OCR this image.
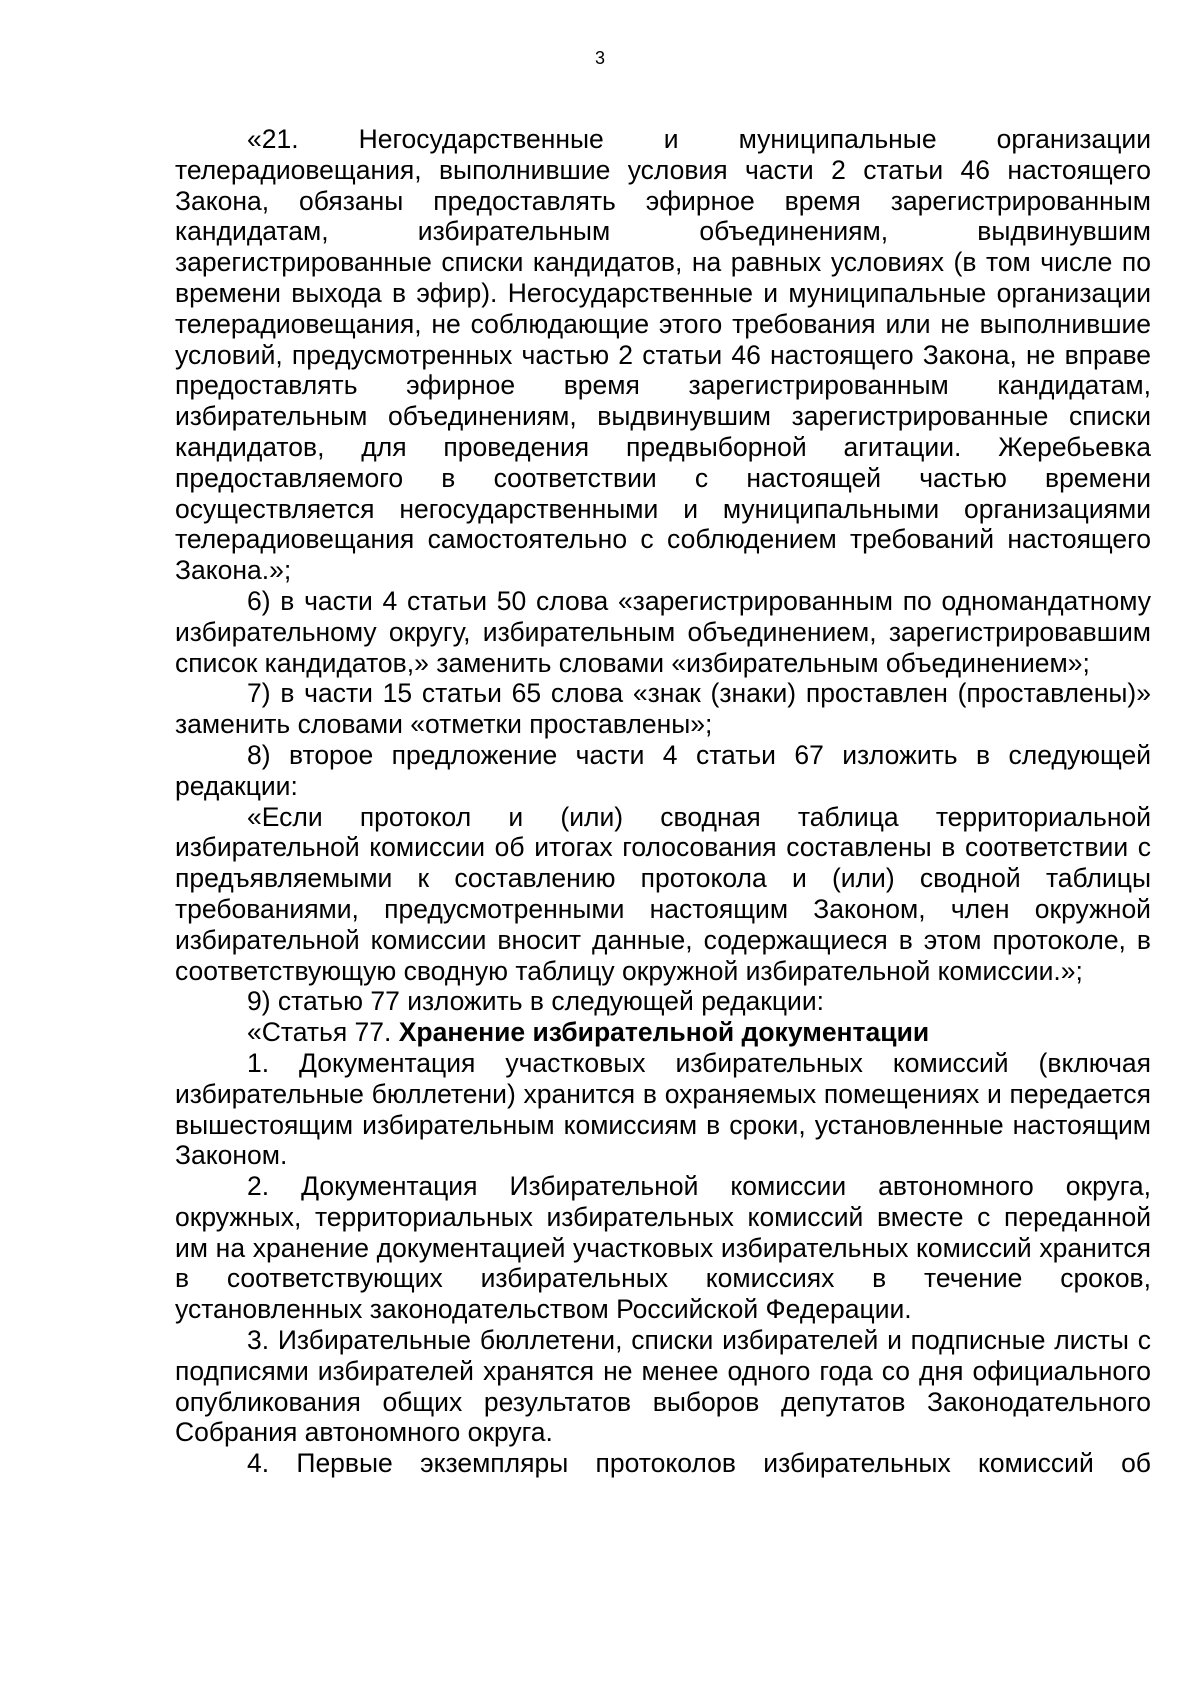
3

«21. Негосударственные и муниципальные организации телерадиовещания, выполнившие условия части 2 статьи 46 настоящего Закона, обязаны предоставлять эфирное время зарегистрированным кандидатам, избирательным объединениям, выдвинувшим зарегистрированные списки кандидатов, на равных условиях (в том числе по времени выхода в эфир). Негосударственные и муниципальные организации телерадиовещания, не соблюдающие этого требования или не выполнившие условий, предусмотренных частью 2 статьи 46 настоящего Закона, не вправе предоставлять эфирное время зарегистрированным кандидатам, избирательным объединениям, выдвинувшим зарегистрированные списки кандидатов, для проведения предвыборной агитации. Жеребьевка предоставляемого в соответствии с настоящей частью времени осуществляется негосударственными и муниципальными организациями телерадиовещания самостоятельно с соблюдением требований настоящего Закона.»;

6) в части 4 статьи 50 слова «зарегистрированным по одномандатному избирательному округу, избирательным объединением, зарегистрировавшим список кандидатов,» заменить словами «избирательным объединением»;

7) в части 15 статьи 65 слова «знак (знаки) проставлен (проставлены)» заменить словами «отметки проставлены»;

8) второе предложение части 4 статьи 67 изложить в следующей редакции:

«Если протокол и (или) сводная таблица территориальной избирательной комиссии об итогах голосования составлены в соответствии с предъявляемыми к составлению протокола и (или) сводной таблицы требованиями, предусмотренными настоящим Законом, член окружной избирательной комиссии вносит данные, содержащиеся в этом протоколе, в соответствующую сводную таблицу окружной избирательной комиссии.»;

9) статью 77 изложить в следующей редакции:

«Статья 77. Хранение избирательной документации

1. Документация участковых избирательных комиссий (включая избирательные бюллетени) хранится в охраняемых помещениях и передается вышестоящим избирательным комиссиям в сроки, установленные настоящим Законом.

2. Документация Избирательной комиссии автономного округа, окружных, территориальных избирательных комиссий вместе с переданной им на хранение документацией участковых избирательных комиссий хранится в соответствующих избирательных комиссиях в течение сроков, установленных законодательством Российской Федерации.

3. Избирательные бюллетени, списки избирателей и подписные листы с подписями избирателей хранятся не менее одного года со дня официального опубликования общих результатов выборов депутатов Законодательного Собрания автономного округа.

4. Первые экземпляры протоколов избирательных комиссий об
